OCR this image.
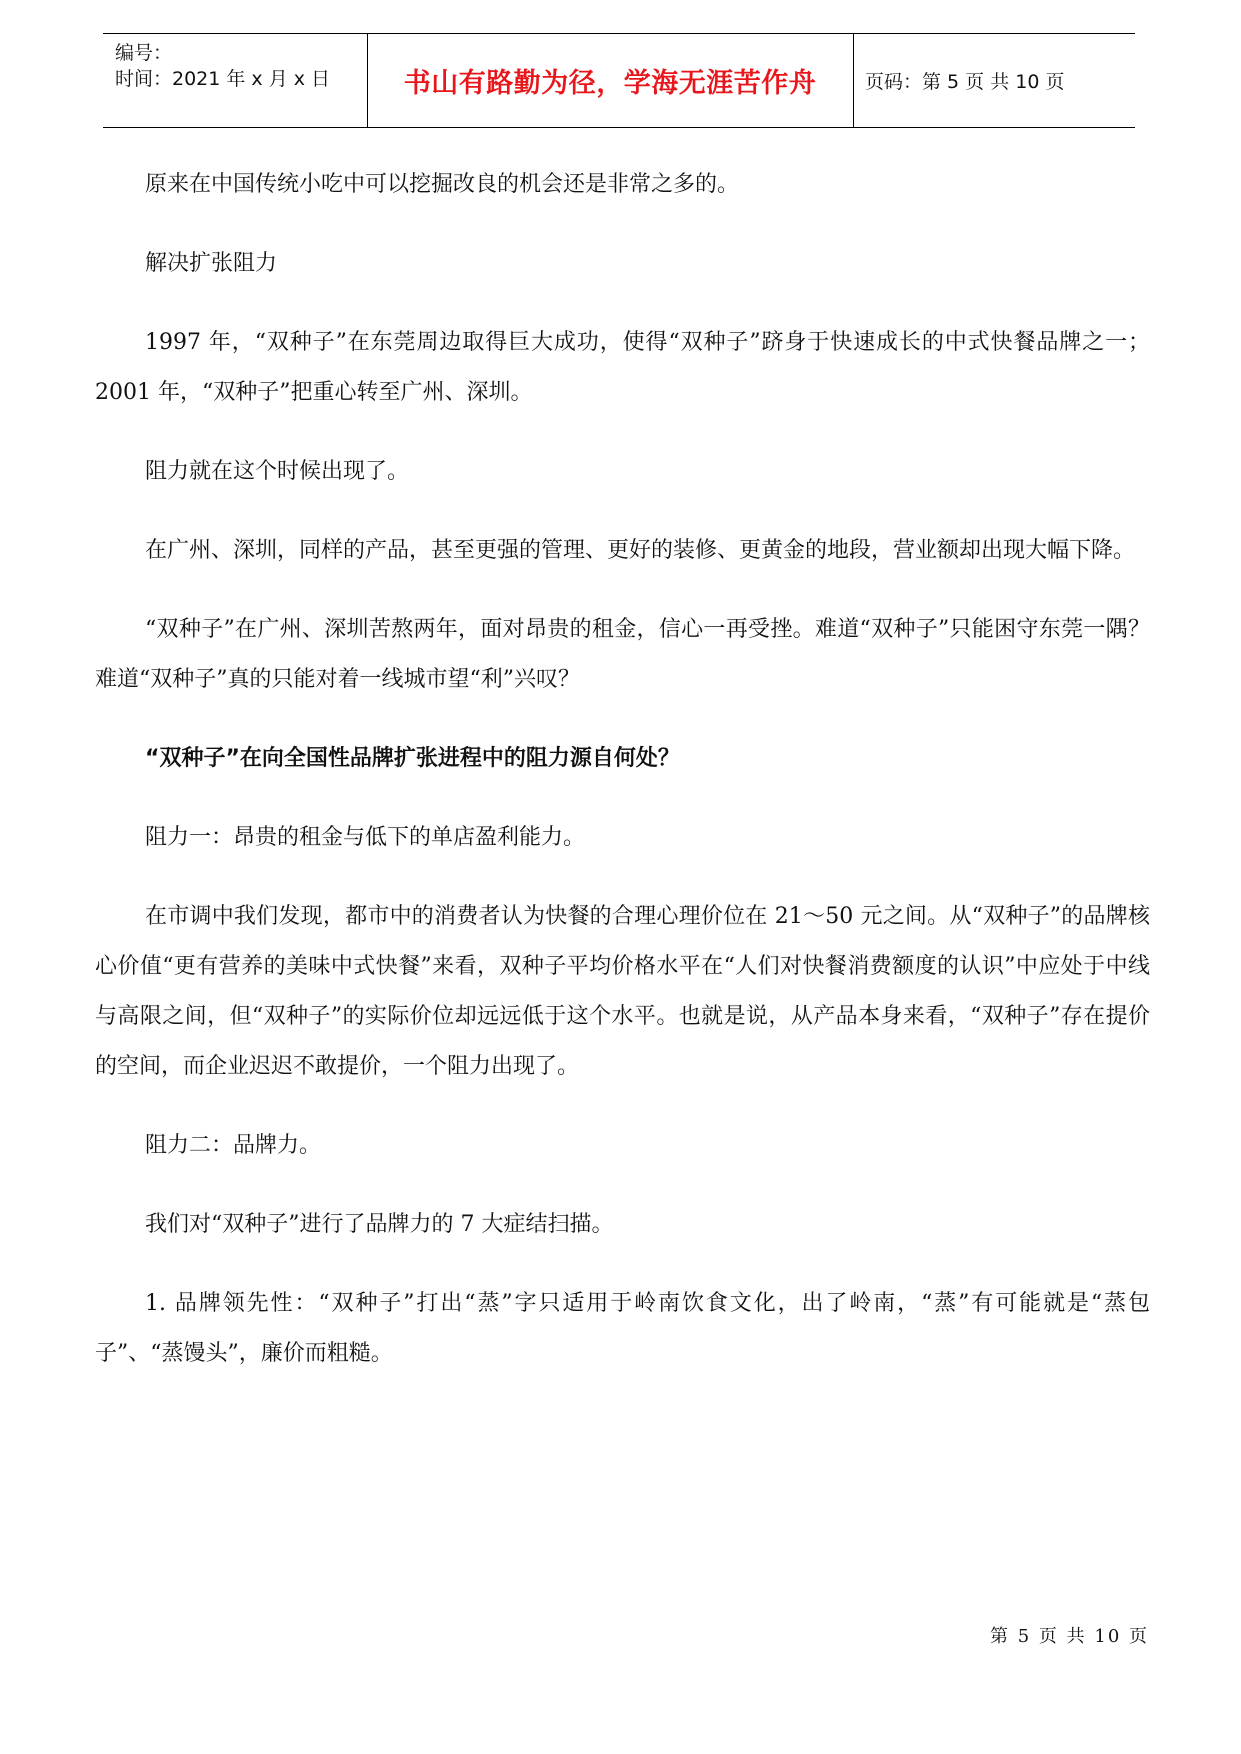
编号：
时间：2021 年 x 月 x 日	书山有路勤为径，学海无涯苦作舟	页码：第 5 页 共 10 页

原来在中国传统小吃中可以挖掘改良的机会还是非常之多的。

解决扩张阻力

1997 年，“双种子”在东莞周边取得巨大成功，使得“双种子”跻身于快速成长的中式快餐品牌之一；2001 年，“双种子”把重心转至广州、深圳。

阻力就在这个时候出现了。

在广州、深圳，同样的产品，甚至更强的管理、更好的装修、更黄金的地段，营业额却出现大幅下降。

“双种子”在广州、深圳苦熬两年，面对昂贵的租金，信心一再受挫。难道“双种子”只能困守东莞一隅？难道“双种子”真的只能对着一线城市望“利”兴叹？

“双种子”在向全国性品牌扩张进程中的阻力源自何处？

阻力一：昂贵的租金与低下的单店盈利能力。

在市调中我们发现，都市中的消费者认为快餐的合理心理价位在 21～50 元之间。从“双种子”的品牌核心价值“更有营养的美味中式快餐”来看，双种子平均价格水平在“人们对快餐消费额度的认识”中应处于中线与高限之间，但“双种子”的实际价位却远远低于这个水平。也就是说，从产品本身来看，“双种子”存在提价的空间，而企业迟迟不敢提价，一个阻力出现了。

阻力二：品牌力。

我们对“双种子”进行了品牌力的 7 大症结扫描。

1. 品牌领先性：“双种子”打出“蒸”字只适用于岭南饮食文化，出了岭南，“蒸”有可能就是“蒸包子”、“蒸馒头”，廉价而粗糙。

第 5 页 共 10 页
